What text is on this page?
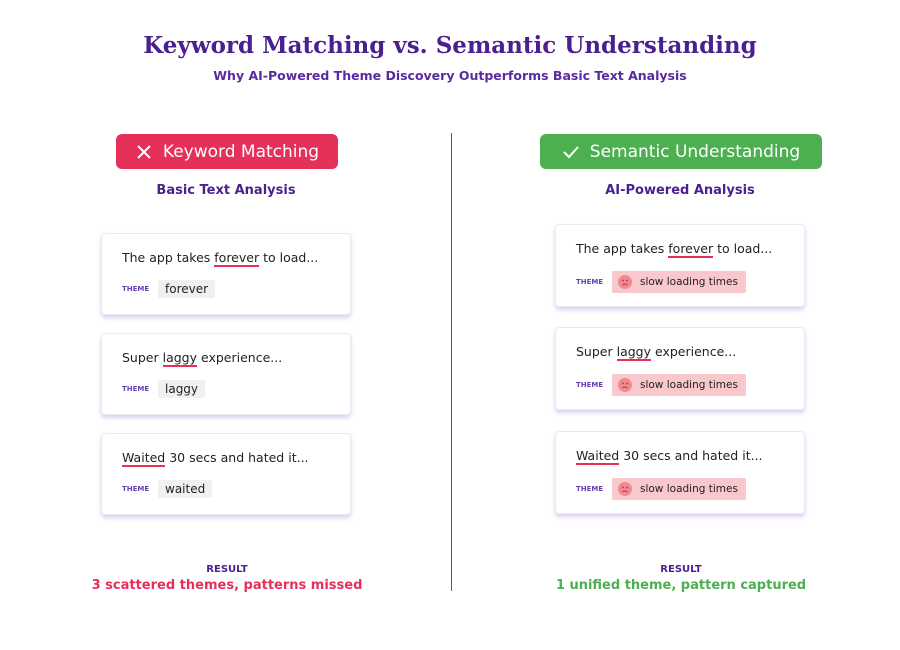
Keyword Matching vs. Semantic Understanding
Why AI-Powered Theme Discovery Outperforms Basic Text Analysis
Keyword Matching	Semantic Understanding
Basic Text Analysis	AI-Powered Analysis
The app takes forever to load...
THEME	forever
Super laggy experience...
THEME	laggy
Waited 30 secs and hated it...
THEME	waited
The app takes forever to load...
THEME	slow loading times
Super laggy experience...
THEME	slow loading times
Waited 30 secs and hated it...
THEME	slow loading times
RESULT
3 scattered themes, patterns missed
RESULT
1 unified theme, pattern captured
